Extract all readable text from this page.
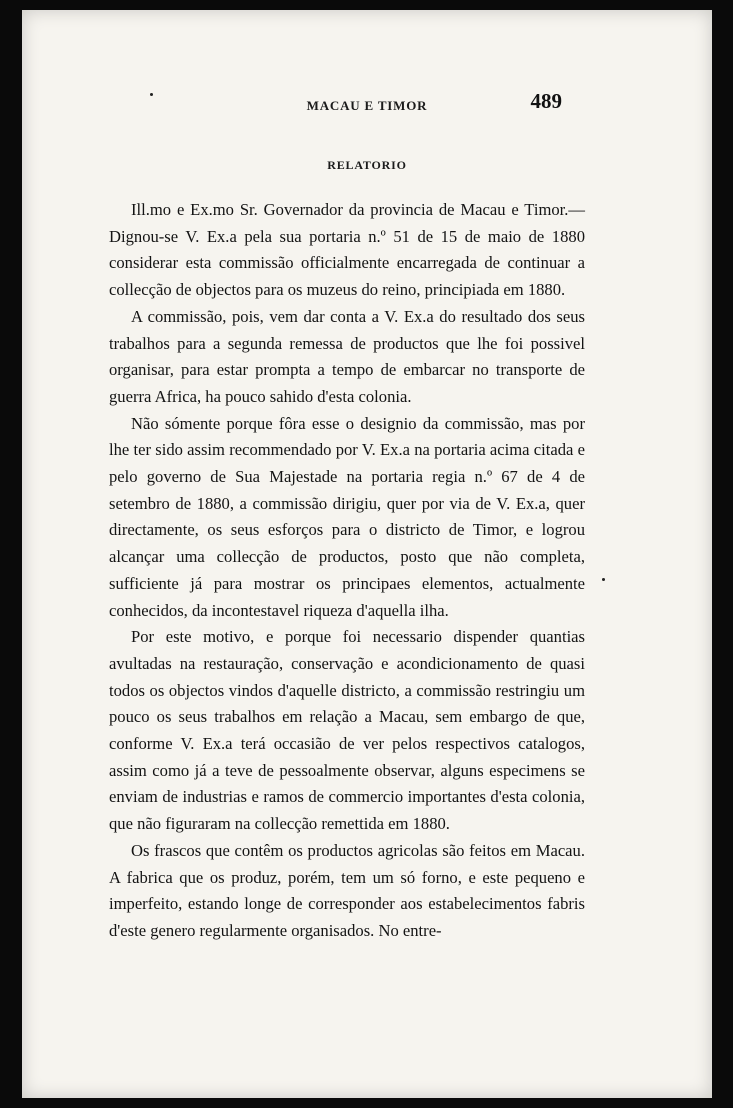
MACAU E TIMOR	489
RELATORIO

Ill.mo e Ex.mo Sr. Governador da provincia de Macau e Timor.—Dignou-se V. Ex.a pela sua portaria n.º 51 de 15 de maio de 1880 considerar esta commissão officialmente encarregada de continuar a collecção de objectos para os muzeus do reino, principiada em 1880.

A commissão, pois, vem dar conta a V. Ex.a do resultado dos seus trabalhos para a segunda remessa de productos que lhe foi possivel organisar, para estar prompta a tempo de embarcar no transporte de guerra Africa, ha pouco sahido d'esta colonia.

Não sómente porque fôra esse o designio da commissão, mas por lhe ter sido assim recommendado por V. Ex.a na portaria acima citada e pelo governo de Sua Majestade na portaria regia n.º 67 de 4 de setembro de 1880, a commissão dirigiu, quer por via de V. Ex.a, quer directamente, os seus esforços para o districto de Timor, e logrou alcançar uma collecção de productos, posto que não completa, sufficiente já para mostrar os principaes elementos, actualmente conhecidos, da incontestavel riqueza d'aquella ilha.

Por este motivo, e porque foi necessario dispender quantias avultadas na restauração, conservação e acondicionamento de quasi todos os objectos vindos d'aquelle districto, a commissão restringiu um pouco os seus trabalhos em relação a Macau, sem embargo de que, conforme V. Ex.a terá occasião de ver pelos respectivos catalogos, assim como já a teve de pessoalmente observar, alguns especimens se enviam de industrias e ramos de commercio importantes d'esta colonia, que não figuraram na collecção remettida em 1880.

Os frascos que contêm os productos agricolas são feitos em Macau. A fabrica que os produz, porém, tem um só forno, e este pequeno e imperfeito, estando longe de corresponder aos estabelecimentos fabris d'este genero regularmente organisados. No entre-
